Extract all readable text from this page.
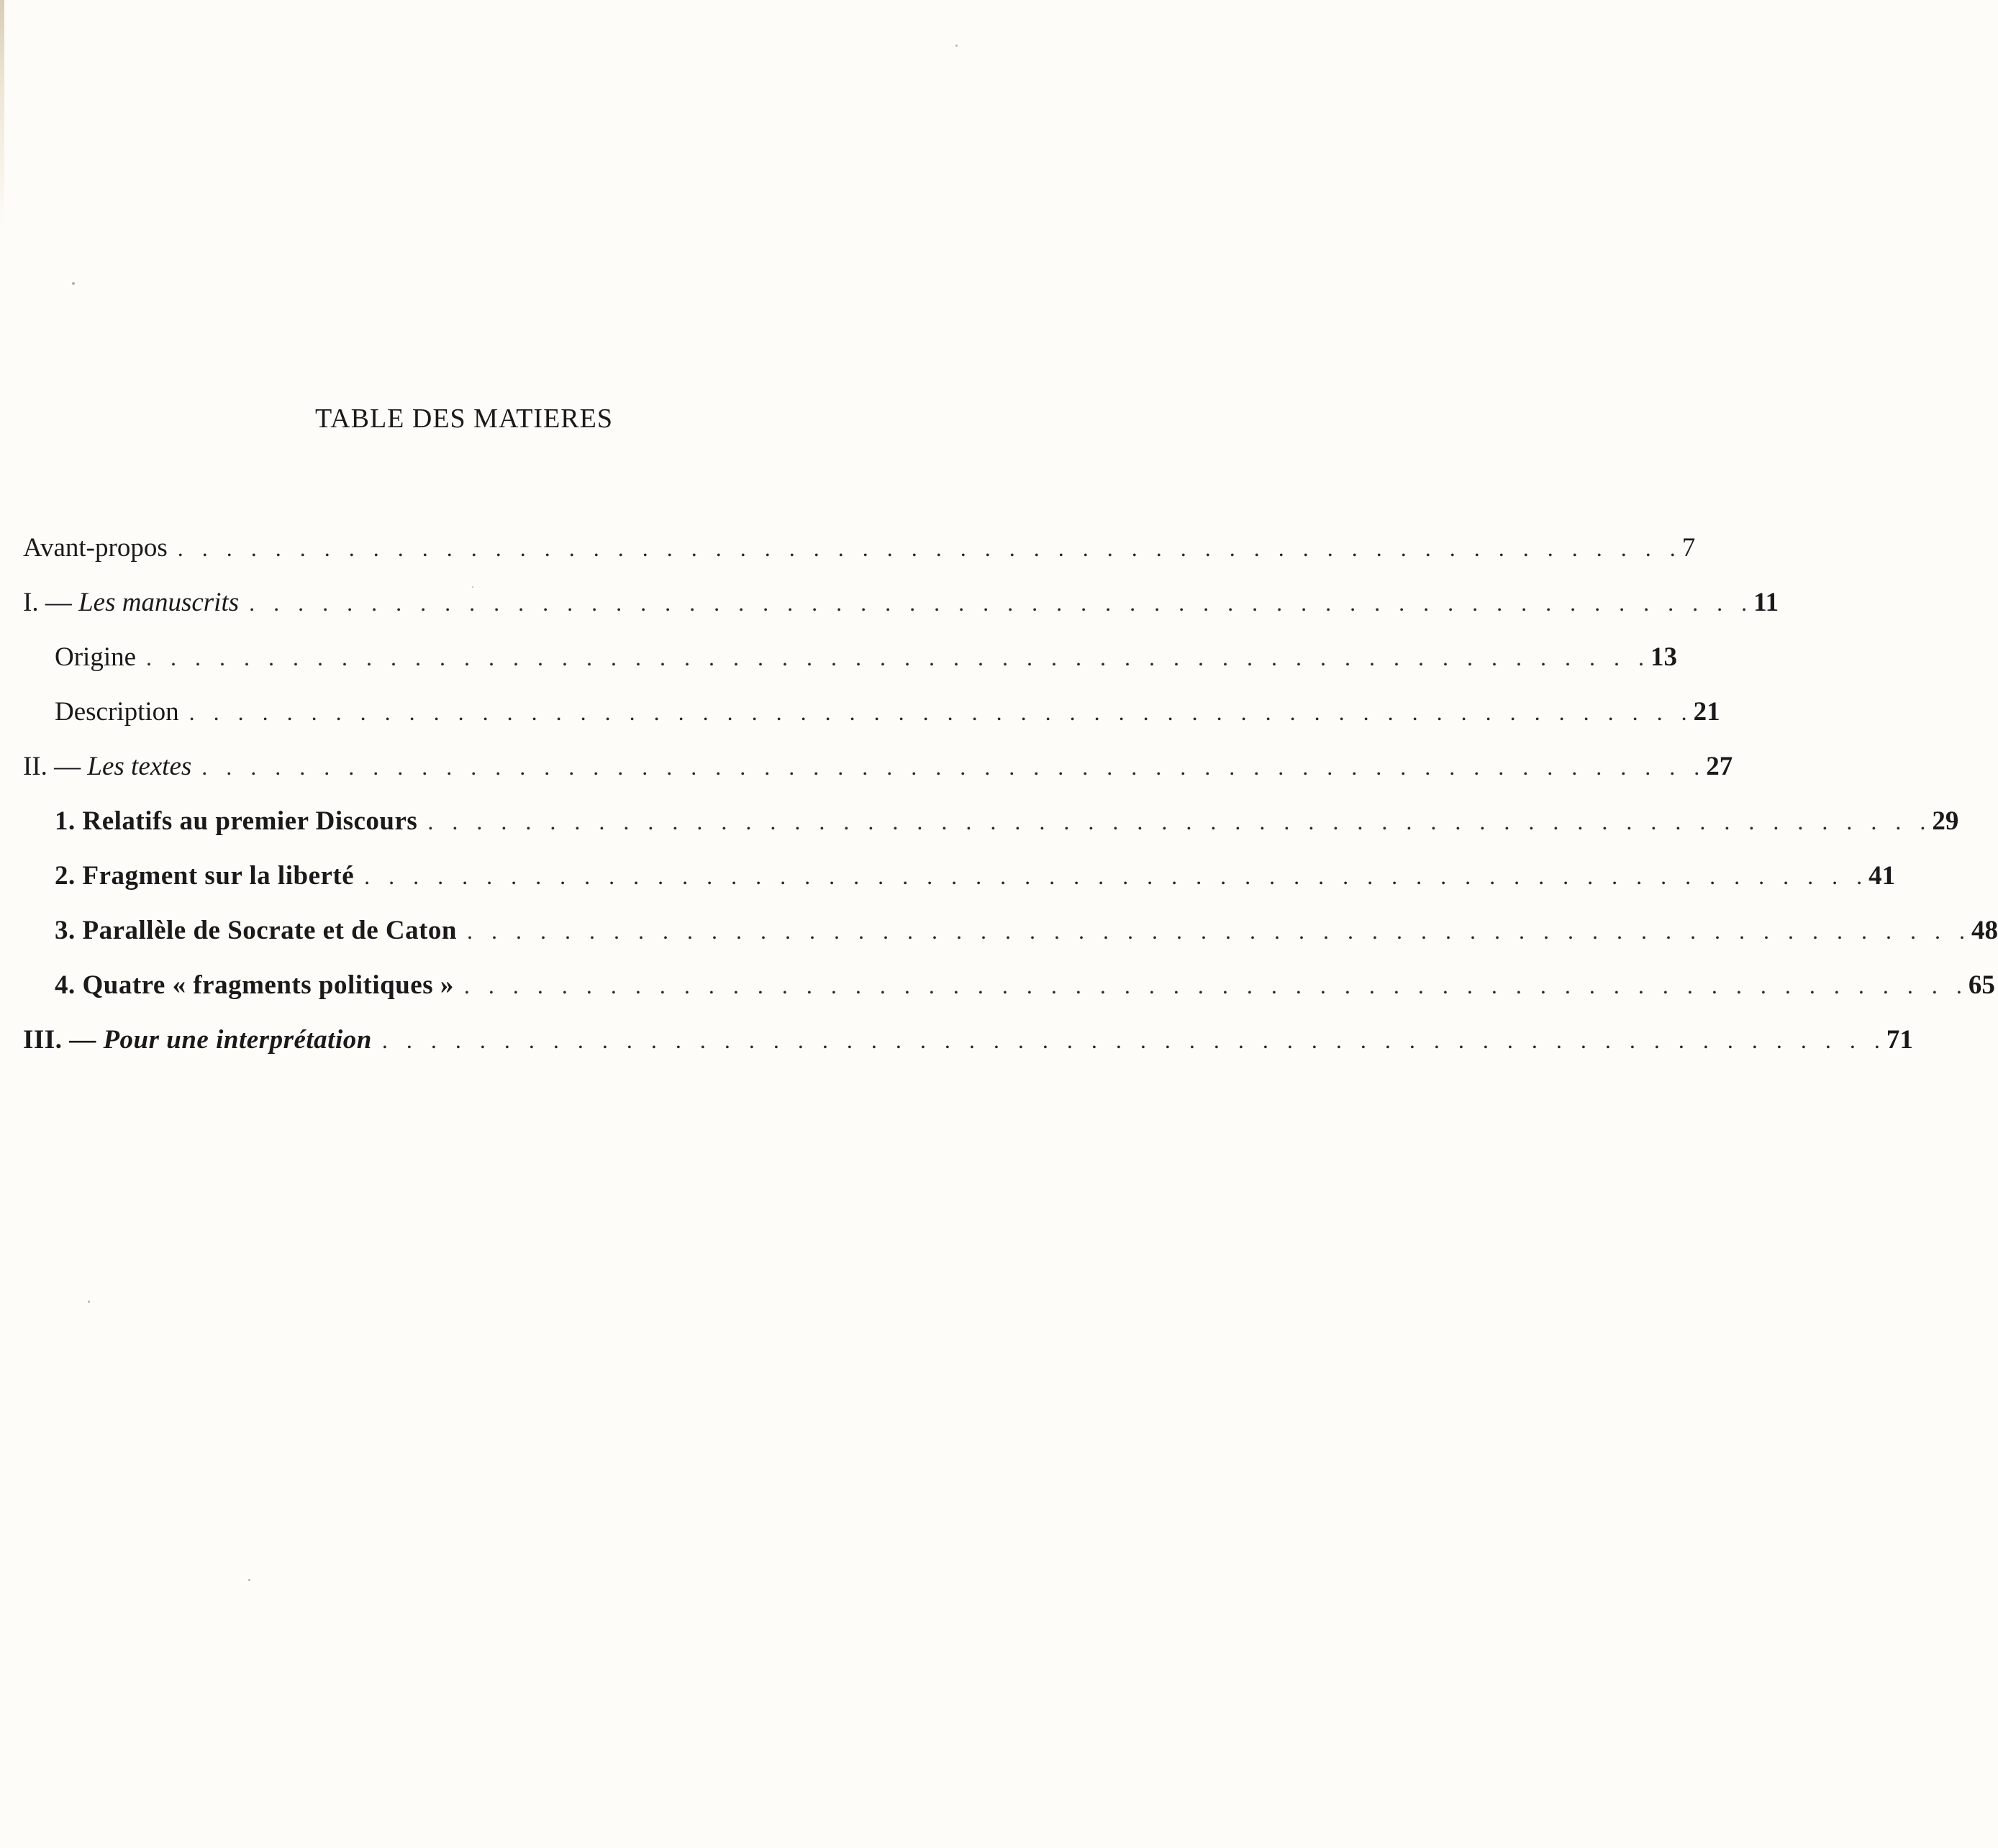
TABLE DES MATIERES
Avant-propos . . . . . . . . . . . . . . . . . . . . . . . . . . . . . . . . . . . . . . . . . . . . . . . . . . . . . . . . . . . . . . 7
I. — Les manuscrits . . . . . . . . . . . . . . . . . . . . . . . . . . . . . . . . . . . . . . . . . . . . . . . . . . . . . . . . . . . . . . 11
Origine . . . . . . . . . . . . . . . . . . . . . . . . . . . . . . . . . . . . . . . . . . . . . . . . . . . . . . . . . . . . . . 13
Description . . . . . . . . . . . . . . . . . . . . . . . . . . . . . . . . . . . . . . . . . . . . . . . . . . . . . . . . . . . . . . 21
II. — Les textes . . . . . . . . . . . . . . . . . . . . . . . . . . . . . . . . . . . . . . . . . . . . . . . . . . . . . . . . . . . . . . 27
1. Relatifs au premier Discours . . . . . . . . . . . . . . . . . . . . . . . . . . . . . . . . . . . . . . . . . . . . . . . . . . . . . . . . . . . . . . 29
2. Fragment sur la liberté . . . . . . . . . . . . . . . . . . . . . . . . . . . . . . . . . . . . . . . . . . . . . . . . . . . . . . . . . . . . . . 41
3. Parallèle de Socrate et de Caton . . . . . . . . . . . . . . . . . . . . . . . . . . . . . . . . . . . . . . . . . . . . . . . . . . . . . . . . . . . . . . 48
4. Quatre « fragments politiques » . . . . . . . . . . . . . . . . . . . . . . . . . . . . . . . . . . . . . . . . . . . . . . . . . . . . . . . . . . . . . . 65
III. — Pour une interprétation . . . . . . . . . . . . . . . . . . . . . . . . . . . . . . . . . . . . . . . . . . . . . . . . . . . . . . . . . . . . . . 71
